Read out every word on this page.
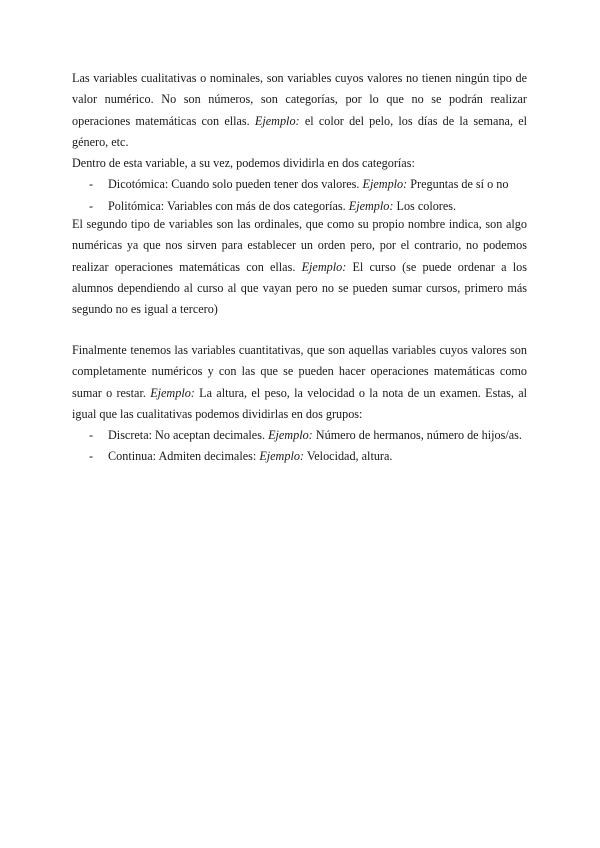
Las variables cualitativas o nominales, son variables cuyos valores no tienen ningún tipo de valor numérico. No son números, son categorías, por lo que no se podrán realizar operaciones matemáticas con ellas. Ejemplo: el color del pelo, los días de la semana, el género, etc.

Dentro de esta variable, a su vez, podemos dividirla en dos categorías:

- Dicotómica: Cuando solo pueden tener dos valores. Ejemplo: Preguntas de sí o no
- Politómica: Variables con más de dos categorías. Ejemplo: Los colores.

El segundo tipo de variables son las ordinales, que como su propio nombre indica, son algo numéricas ya que nos sirven para establecer un orden pero, por el contrario, no podemos realizar operaciones matemáticas con ellas. Ejemplo: El curso (se puede ordenar a los alumnos dependiendo al curso al que vayan pero no se pueden sumar cursos, primero más segundo no es igual a tercero)

Finalmente tenemos las variables cuantitativas, que son aquellas variables cuyos valores son completamente numéricos y con las que se pueden hacer operaciones matemáticas como sumar o restar. Ejemplo: La altura, el peso, la velocidad o la nota de un examen. Estas, al igual que las cualitativas podemos dividirlas en dos grupos:

- Discreta: No aceptan decimales. Ejemplo: Número de hermanos, número de hijos/as.
- Continua: Admiten decimales: Ejemplo: Velocidad, altura.
